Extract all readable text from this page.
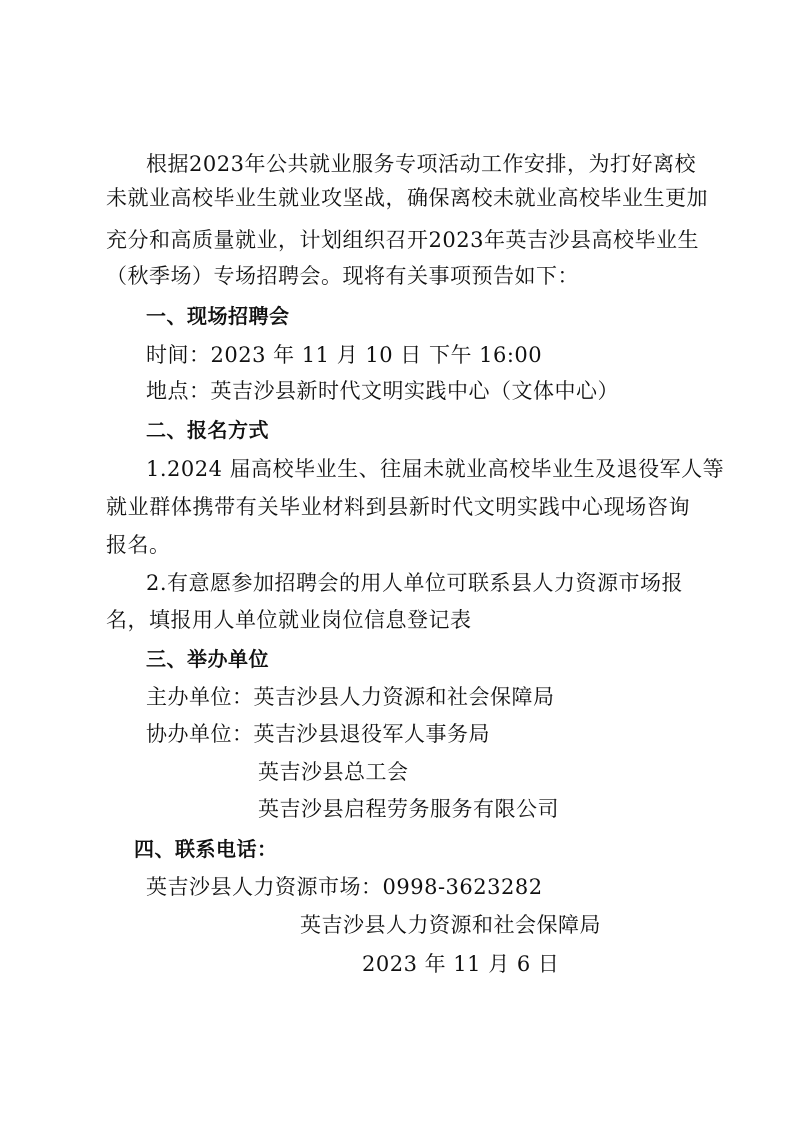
根据2023年公共就业服务专项活动工作安排，为打好离校
未就业高校毕业生就业攻坚战，确保离校未就业高校毕业生更加
充分和高质量就业，计划组织召开2023年英吉沙县高校毕业生
（秋季场）专场招聘会。现将有关事项预告如下：
一、现场招聘会
时间：2023 年 11 月 10 日 下午 16:00
地点：英吉沙县新时代文明实践中心（文体中心）
二、报名方式
1.2024 届高校毕业生、往届未就业高校毕业生及退役军人等
就业群体携带有关毕业材料到县新时代文明实践中心现场咨询
报名。
2.有意愿参加招聘会的用人单位可联系县人力资源市场报
名，填报用人单位就业岗位信息登记表
三、举办单位
主办单位：英吉沙县人力资源和社会保障局
协办单位：英吉沙县退役军人事务局
英吉沙县总工会
英吉沙县启程劳务服务有限公司
四、联系电话：
英吉沙县人力资源市场：0998-3623282
英吉沙县人力资源和社会保障局
2023 年 11 月 6 日
